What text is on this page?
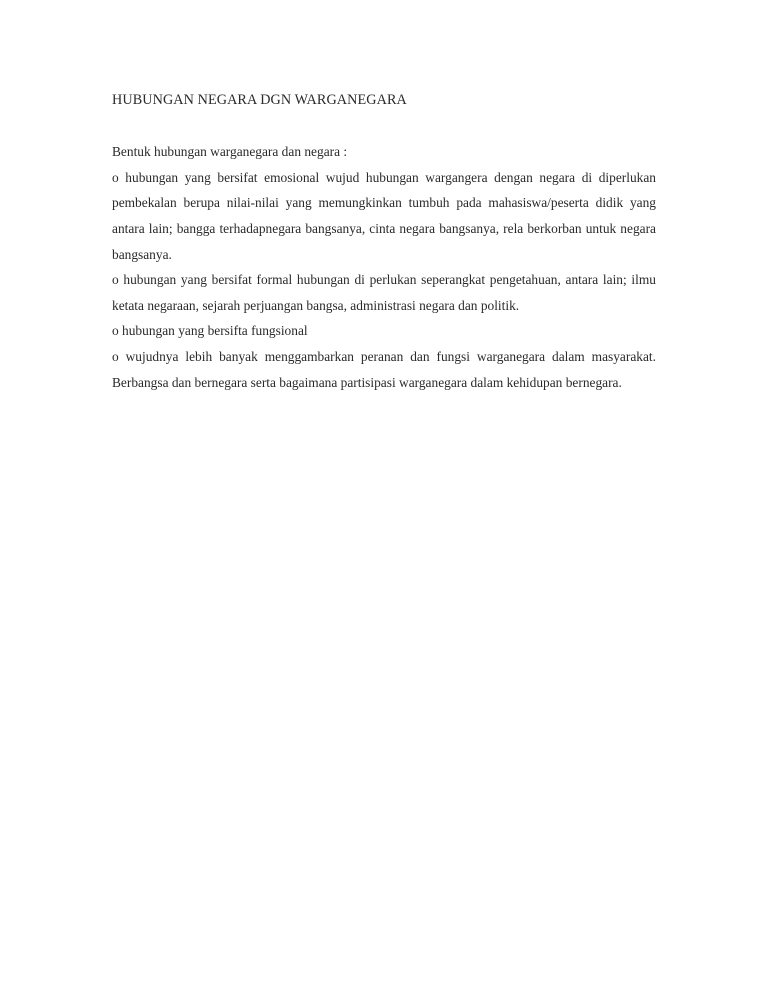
HUBUNGAN NEGARA DGN WARGANEGARA

Bentuk hubungan warganegara dan negara :

o hubungan yang bersifat emosional wujud hubungan wargangera dengan negara di diperlukan pembekalan berupa nilai-nilai yang memungkinkan tumbuh pada mahasiswa/peserta didik yang antara lain; bangga terhadapnegara bangsanya, cinta negara bangsanya, rela berkorban untuk negara bangsanya.

o hubungan yang bersifat formal hubungan di perlukan seperangkat pengetahuan, antara lain; ilmu ketata negaraan, sejarah perjuangan bangsa, administrasi negara dan politik.

o hubungan yang bersifta fungsional

o wujudnya lebih banyak menggambarkan peranan dan fungsi warganegara dalam masyarakat. Berbangsa dan bernegara serta bagaimana partisipasi warganegara dalam kehidupan bernegara.
